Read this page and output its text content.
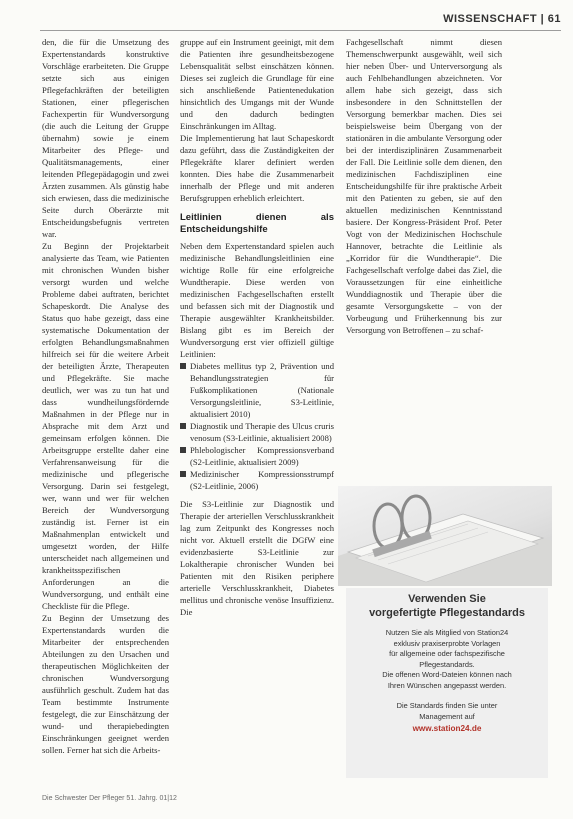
WISSENSCHAFT | 61

den, die für die Umsetzung des Expertenstandards konstruktive Vorschläge erarbeiteten. Die Gruppe setzte sich aus einigen Pflegefachkräften der beteiligten Stationen, einer pflegerischen Fachexpertin für Wundversorgung (die auch die Leitung der Gruppe übernahm) sowie je einem Mitarbeiter des Pflege- und Qualitätsmanagements, einer leitenden Pflegepädagogin und zwei Ärzten zusammen. Als günstig habe sich erwiesen, dass die medizinische Seite durch Oberärzte mit Entscheidungsbefugnis vertreten war.

Zu Beginn der Projektarbeit analysierte das Team, wie Patienten mit chronischen Wunden bisher versorgt wurden und welche Probleme dabei auftraten, berichtet Schapeskordt. Die Analyse des Status quo habe gezeigt, dass eine systematische Dokumentation der erfolgten Behandlungsmaßnahmen hilfreich sei für die weitere Arbeit der beteiligten Ärzte, Therapeuten und Pflegekräfte. Sie mache deutlich, wer was zu tun hat und dass wundheilungsfördernde Maßnahmen in der Pflege nur in Absprache mit dem Arzt und gemeinsam erfolgen können. Die Arbeitsgruppe erstellte daher eine Verfahrensanweisung für die medizinische und pflegerische Versorgung. Darin sei festgelegt, wer, wann und wer für welchen Bereich der Wundversorgung zuständig ist. Ferner ist ein Maßnahmenplan entwickelt und umgesetzt worden, der Hilfe unterscheidet nach allgemeinen und krankheitsspezifischen Anforderungen an die Wundversorgung, und enthält eine Checkliste für die Pflege.

Zu Beginn der Umsetzung des Expertenstandards wurden die Mitarbeiter der entsprechenden Abteilungen zu den Ursachen und therapeutischen Möglichkeiten der chronischen Wundversorgung ausführlich geschult. Zudem hat das Team bestimmte Instrumente festgelegt, die zur Einschätzung der wund- und therapiebedingten Einschränkungen geeignet werden sollen. Ferner hat sich die Arbeits-

gruppe auf ein Instrument geeinigt, mit dem die Patienten ihre gesundheitsbezogene Lebensqualität selbst einschätzen können. Dieses sei zugleich die Grundlage für eine sich anschließende Patientenedukation hinsichtlich des Umgangs mit der Wunde und den dadurch bedingten Einschränkungen im Alltag.

Die Implementierung hat laut Schapeskordt dazu geführt, dass die Zuständigkeiten der Pflegekräfte klarer definiert werden konnten. Dies habe die Zusammenarbeit innerhalb der Pflege und mit anderen Berufsgruppen erheblich erleichtert.

Leitlinien dienen als Entscheidungshilfe

Neben dem Expertenstandard spielen auch medizinische Behandlungsleitlinien eine wichtige Rolle für eine erfolgreiche Wundtherapie. Diese werden von medizinischen Fachgesellschaften erstellt und befassen sich mit der Diagnostik und Therapie ausgewählter Krankheitsbilder. Bislang gibt es im Bereich der Wundversorgung erst vier offiziell gültige Leitlinien:

Diabetes mellitus typ 2, Prävention und Behandlungsstrategien für Fußkomplikationen (Nationale Versorgungsleitlinie, S3-Leitlinie, aktualisiert 2010)
Diagnostik und Therapie des Ulcus cruris venosum (S3-Leitlinie, aktualisiert 2008)
Phlebologischer Kompressionsverband (S2-Leitlinie, aktualisiert 2009)
Medizinischer Kompressionsstrumpf (S2-Leitlinie, 2006)

Die S3-Leitlinie zur Diagnostik und Therapie der arteriellen Verschlusskrankheit lag zum Zeitpunkt des Kongresses noch nicht vor. Aktuell erstellt die DGfW eine evidenzbasierte S3-Leitlinie zur Lokaltherapie chronischer Wunden bei Patienten mit den Risiken periphere arterielle Verschlusskrankheit, Diabetes mellitus und chronische venöse Insuffizienz. Die

Fachgesellschaft nimmt diesen Themenschwerpunkt ausgewählt, weil sich hier neben Über- und Unterversorgung als auch Fehlbehandlungen abzeichneten. Vor allem habe sich gezeigt, dass sich insbesondere in den Schnittstellen der Versorgung bemerkbar machen. Dies sei beispielsweise beim Übergang von der stationären in die ambulante Versorgung oder bei der interdisziplinären Zusammenarbeit der Fall. Die Leitlinie solle dem dienen, den medizinischen Fachdisziplinen eine Entscheidungshilfe für ihre praktische Arbeit mit den Patienten zu geben, sie auf den aktuellen medizinischen Kenntnisstand basiere. Der Kongress-Präsident Prof. Peter Vogt von der Medizinischen Hochschule Hannover, betrachte die Leitlinie als „Korridor für die Wundtherapie“. Die Fachgesellschaft verfolge dabei das Ziel, die Voraussetzungen für eine einheitliche Wunddiagnostik und Therapie über die gesamte Versorgungskette – von der Vorbeugung und Früherkennung bis zur Versorgung von Betroffenen – zu schaf-

Verwenden Sie
vorgefertigte Pflegestandards
Nutzen Sie als Mitglied von Station24
exklusiv praxiserprobte Vorlagen
für allgemeine oder fachspezifische
Pflegestandards.
Die offenen Word-Dateien können nach
Ihren Wünschen angepasst werden.
Die Standards finden Sie unter
Management auf
www.station24.de
Die Schwester Der Pfleger 51. Jahrg. 01|12
